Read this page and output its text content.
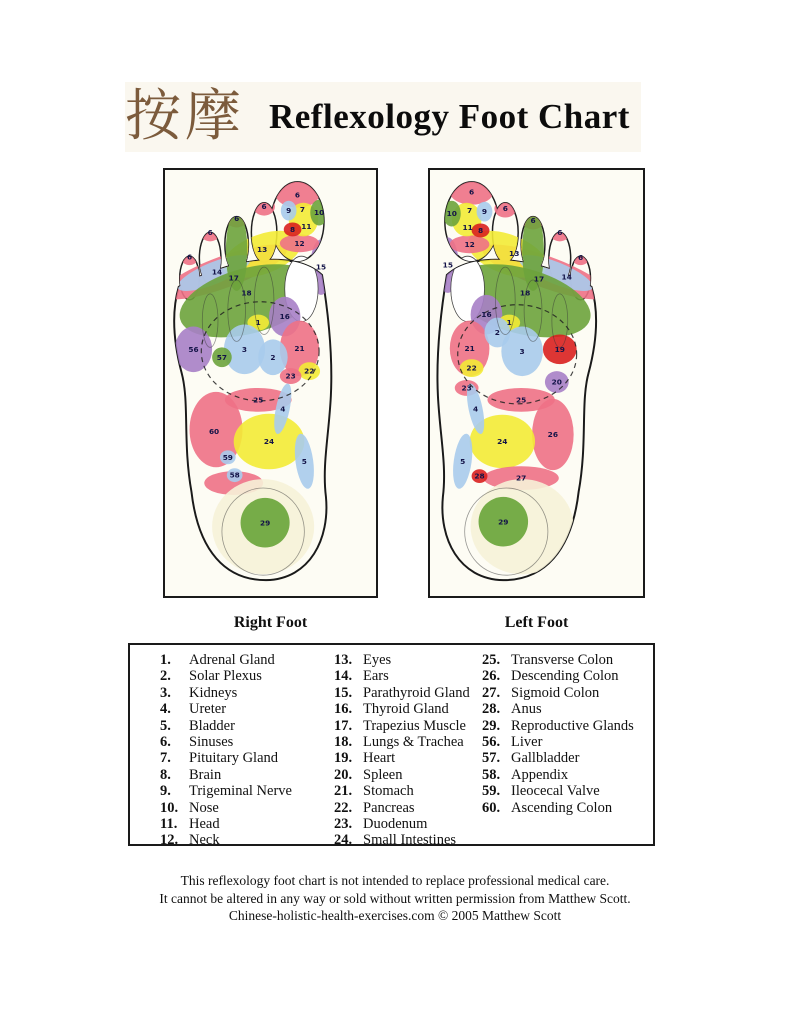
按摩 Reflexology Foot Chart
6
6
6
6
6
13
14
18
17
15
12
16
9	10
7
11
8
21
1
3
2
56
57
22
23
25
60
24
4
59
58
5
29
6
6
6
6
6
13
14
18
17
15
12
16
9
10 7
11 8
21
1
2
3	19
20
22
23
25
26
24
4
5
27
28
29
Right Foot	Left Foot
1. Adrenal Gland
2. Solar Plexus
3. Kidneys
4. Ureter
5. Bladder
6. Sinuses
7. Pituitary Gland
8. Brain
9. Trigeminal Nerve
10. Nose
11. Head
12. Neck
13. Eyes
14. Ears
15. Parathyroid Gland
16. Thyroid Gland
17. Trapezius Muscle
18. Lungs & Trachea
19. Heart
20. Spleen
21. Stomach
22. Pancreas
23. Duodenum
24. Small Intestines
25. Transverse Colon
26. Descending Colon
27. Sigmoid Colon
28. Anus
29. Reproductive Glands
56. Liver
57. Gallbladder
58. Appendix
59. Ileocecal Valve
60. Ascending Colon
This reflexology foot chart is not intended to replace professional medical care.
It cannot be altered in any way or sold without written permission from Matthew Scott.
Chinese-holistic-health-exercises.com © 2005 Matthew Scott
